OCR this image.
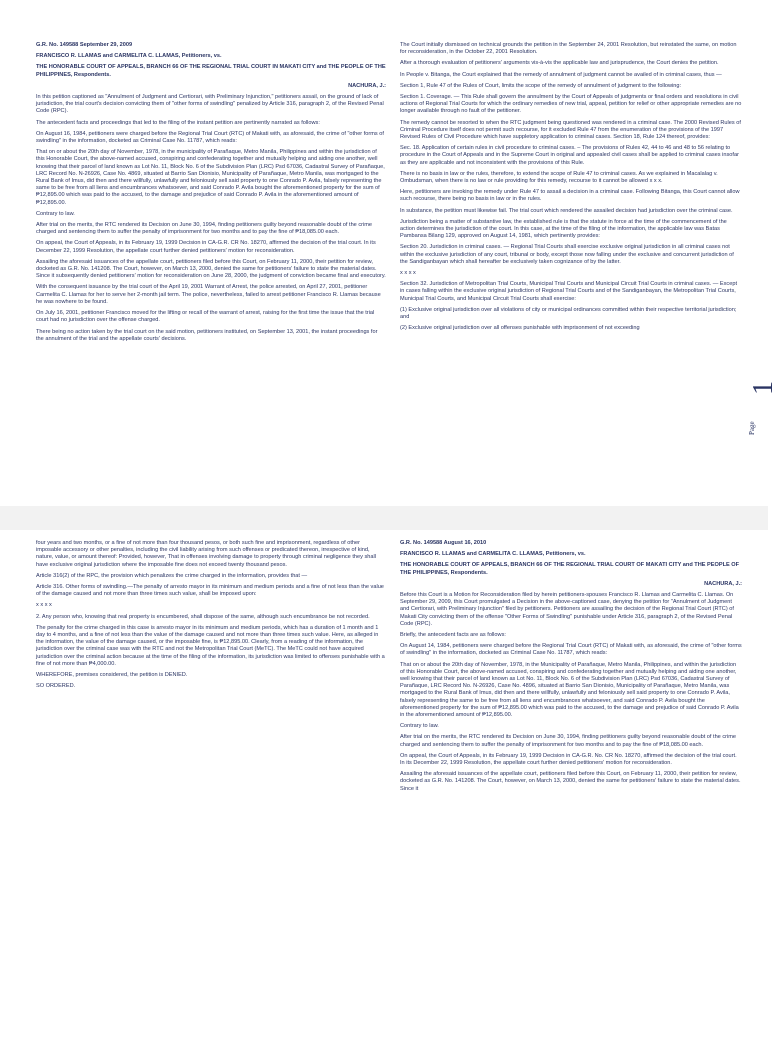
G.R. No. 149588 September 29, 2009

FRANCISCO R. LLAMAS and CARMELITA C. LLAMAS, Petitioners, vs.

THE HONORABLE COURT OF APPEALS, BRANCH 66 OF THE REGIONAL TRIAL COURT IN MAKATI CITY and THE PEOPLE OF THE PHILIPPINES, Respondents.

NACHURA, J.:

In this petition captioned as "Annulment of Judgment and Certiorari, with Preliminary Injunction," petitioners assail, on the ground of lack of jurisdiction, the trial court's decision convicting them of "other forms of swindling" penalized by Article 316, paragraph 2, of the Revised Penal Code (RPC).

The antecedent facts and proceedings that led to the filing of the instant petition are pertinently narrated as follows:

On August 16, 1984, petitioners were charged before the Regional Trial Court (RTC) of Makati with, as aforesaid, the crime of "other forms of swindling" in the information, docketed as Criminal Case No. 11787, which reads:

That on or about the 20th day of November, 1978, in the municipality of Parañaque, Metro Manila, Philippines and within the jurisdiction of this Honorable Court, the above-named accused, conspiring and confederating together and mutually helping and aiding one another, well knowing that their parcel of land known as Lot No. 11, Block No. 6 of the Subdivision Plan (LRC) Psd 67036, Cadastral Survey of Parañaque, LRC Record No. N-26926, Case No. 4869, situated at Barrio San Dionisio, Municipality of Parañaque, Metro Manila, was mortgaged to the Rural Bank of Imus, did then and there willfully, unlawfully and feloniously sell said property to one Conrado P. Avila, falsely representing the same to be free from all liens and encumbrances whatsoever, and said Conrado P. Avila bought the aforementioned property for the sum of ₱12,895.00 which was paid to the accused, to the damage and prejudice of said Conrado P. Avila in the aforementioned amount of ₱12,895.00.

Contrary to law.

After trial on the merits, the RTC rendered its Decision on June 30, 1994, finding petitioners guilty beyond reasonable doubt of the crime charged and sentencing them to suffer the penalty of imprisonment for two months and to pay the fine of ₱18,085.00 each.

On appeal, the Court of Appeals, in its February 19, 1999 Decision in CA-G.R. CR No. 18270, affirmed the decision of the trial court. In its December 22, 1999 Resolution, the appellate court further denied petitioners' motion for reconsideration.

Assailing the aforesaid issuances of the appellate court, petitioners filed before this Court, on February 11, 2000, their petition for review, docketed as G.R. No. 141208. The Court, however, on March 13, 2000, denied the same for petitioners' failure to state the material dates. Since it subsequently denied petitioners' motion for reconsideration on June 28, 2000, the judgment of conviction became final and executory.

With the consequent issuance by the trial court of the April 19, 2001 Warrant of Arrest, the police arrested, on April 27, 2001, petitioner Carmelita C. Llamas for her to serve her 2-month jail term. The police, nevertheless, failed to arrest petitioner Francisco R. Llamas because he was nowhere to be found.

On July 16, 2001, petitioner Francisco moved for the lifting or recall of the warrant of arrest, raising for the first time the issue that the trial court had no jurisdiction over the offense charged.

There being no action taken by the trial court on the said motion, petitioners instituted, on September 13, 2001, the instant proceedings for the annulment of the trial and the appellate courts' decisions.

The Court initially dismissed on technical grounds the petition in the September 24, 2001 Resolution, but reinstated the same, on motion for reconsideration, in the October 22, 2001 Resolution.

After a thorough evaluation of petitioners' arguments vis-à-vis the applicable law and jurisprudence, the Court denies the petition.

In People v. Bitanga, the Court explained that the remedy of annulment of judgment cannot be availed of in criminal cases, thus —

Section 1, Rule 47 of the Rules of Court, limits the scope of the remedy of annulment of judgment to the following:

Section 1. Coverage. — This Rule shall govern the annulment by the Court of Appeals of judgments or final orders and resolutions in civil actions of Regional Trial Courts for which the ordinary remedies of new trial, appeal, petition for relief or other appropriate remedies are no longer available through no fault of the petitioner.

The remedy cannot be resorted to when the RTC judgment being questioned was rendered in a criminal case. The 2000 Revised Rules of Criminal Procedure itself does not permit such recourse, for it excluded Rule 47 from the enumeration of the provisions of the 1997 Revised Rules of Civil Procedure which have suppletory application to criminal cases. Section 18, Rule 124 thereof, provides:

Sec. 18. Application of certain rules in civil procedure to criminal cases. – The provisions of Rules 42, 44 to 46 and 48 to 56 relating to procedure in the Court of Appeals and in the Supreme Court in original and appealed civil cases shall be applied to criminal cases insofar as they are applicable and not inconsistent with the provisions of this Rule.

There is no basis in law or the rules, therefore, to extend the scope of Rule 47 to criminal cases. As we explained in Macalalag v. Ombudsman, when there is no law or rule providing for this remedy, recourse to it cannot be allowed x x x.

Here, petitioners are invoking the remedy under Rule 47 to assail a decision in a criminal case. Following Bitanga, this Court cannot allow such recourse, there being no basis in law or in the rules.

In substance, the petition must likewise fail. The trial court which rendered the assailed decision had jurisdiction over the criminal case.

Jurisdiction being a matter of substantive law, the established rule is that the statute in force at the time of the commencement of the action determines the jurisdiction of the court. In this case, at the time of the filing of the information, the applicable law was Batas Pambansa Bilang 129, approved on August 14, 1981, which pertinently provides:

Section 20. Jurisdiction in criminal cases. — Regional Trial Courts shall exercise exclusive original jurisdiction in all criminal cases not within the exclusive jurisdiction of any court, tribunal or body, except those now falling under the exclusive and concurrent jurisdiction of the Sandiganbayan which shall hereafter be exclusively taken cognizance of by the latter.

x x x x

Section 32. Jurisdiction of Metropolitan Trial Courts, Municipal Trial Courts and Municipal Circuit Trial Courts in criminal cases. — Except in cases falling within the exclusive original jurisdiction of Regional Trial Courts and of the Sandiganbayan, the Metropolitan Trial Courts, Municipal Trial Courts, and Municipal Circuit Trial Courts shall exercise:

(1) Exclusive original jurisdiction over all violations of city or municipal ordinances committed within their respective territorial jurisdiction; and

(2) Exclusive original jurisdiction over all offenses punishable with imprisonment of not exceeding

1
Page

four years and two months, or a fine of not more than four thousand pesos, or both such fine and imprisonment, regardless of other imposable accessory or other penalties, including the civil liability arising from such offenses or predicated thereon, irrespective of kind, nature, value, or amount thereof: Provided, however, That in offenses involving damage to property through criminal negligence they shall have exclusive original jurisdiction where the imposable fine does not exceed twenty thousand pesos.

Article 316(2) of the RPC, the provision which penalizes the crime charged in the information, provides that —

Article 316. Other forms of swindling.—The penalty of arresto mayor in its minimum and medium periods and a fine of not less than the value of the damage caused and not more than three times such value, shall be imposed upon:

x x x x

2. Any person who, knowing that real property is encumbered, shall dispose of the same, although such encumbrance be not recorded.

The penalty for the crime charged in this case is arresto mayor in its minimum and medium periods, which has a duration of 1 month and 1 day to 4 months, and a fine of not less than the value of the damage caused and not more than three times such value. Here, as alleged in the information, the value of the damage caused, or the imposable fine, is ₱12,895.00. Clearly, from a reading of the information, the jurisdiction over the criminal case was with the RTC and not the Metropolitan Trial Court (MeTC). The MeTC could not have acquired jurisdiction over the criminal action because at the time of the filing of the information, its jurisdiction was limited to offenses punishable with a fine of not more than ₱4,000.00.

WHEREFORE, premises considered, the petition is DENIED.

SO ORDERED.

G.R. No. 149588 August 16, 2010

FRANCISCO R. LLAMAS and CARMELITA C. LLAMAS, Petitioners, vs.

THE HONORABLE COURT OF APPEALS, BRANCH 66 OF THE REGIONAL TRIAL COURT OF MAKATI CITY and THE PEOPLE OF THE PHILIPPINES, Respondents.

NACHURA, J.:

Before this Court is a Motion for Reconsideration filed by herein petitioners-spouses Francisco R. Llamas and Carmelita C. Llamas. On September 29, 2009, this Court promulgated a Decision in the above-captioned case, denying the petition for "Annulment of Judgment and Certiorari, with Preliminary Injunction" filed by petitioners. Petitioners are assailing the decision of the Regional Trial Court (RTC) of Makati City convicting them of the offense "Other Forms of Swindling" punishable under Article 316, paragraph 2, of the Revised Penal Code (RPC).

Briefly, the antecedent facts are as follows:

On August 14, 1984, petitioners were charged before the Regional Trial Court (RTC) of Makati with, as aforesaid, the crime of "other forms of swindling" in the information, docketed as Criminal Case No. 11787, which reads:

That on or about the 20th day of November, 1978, in the Municipality of Parañaque, Metro Manila, Philippines, and within the jurisdiction of this Honorable Court, the above-named accused, conspiring and confederating together and mutually helping and aiding one another, well knowing that their parcel of land known as Lot No. 11, Block No. 6 of the Subdivision Plan (LRC) Psd 67036, Cadastral Survey of Parañaque, LRC Record No. N-26926, Case No. 4896, situated at Barrio San Dionisio, Municipality of Parañaque, Metro Manila, was mortgaged to the Rural Bank of Imus, did then and there willfully, unlawfully and feloniously sell said property to one Conrado P. Avila, falsely representing the same to be free from all liens and encumbrances whatsoever, and said Conrado P. Avila bought the aforementioned property for the sum of ₱12,895.00 which was paid to the accused, to the damage and prejudice of said Conrado P. Avila in the aforementioned amount of ₱12,895.00.

Contrary to law.

After trial on the merits, the RTC rendered its Decision on June 30, 1994, finding petitioners guilty beyond reasonable doubt of the crime charged and sentencing them to suffer the penalty of imprisonment for two months and to pay the fine of ₱18,085.00 each.

On appeal, the Court of Appeals, in its February 19, 1999 Decision in CA-G.R. No. CR No. 18270, affirmed the decision of the trial court. In its December 22, 1999 Resolution, the appellate court further denied petitioners' motion for reconsideration.

Assailing the aforesaid issuances of the appellate court, petitioners filed before this Court, on February 11, 2000, their petition for review, docketed as G.R. No. 141208. The Court, however, on March 13, 2000, denied the same for petitioners' failure to state the material dates. Since it
